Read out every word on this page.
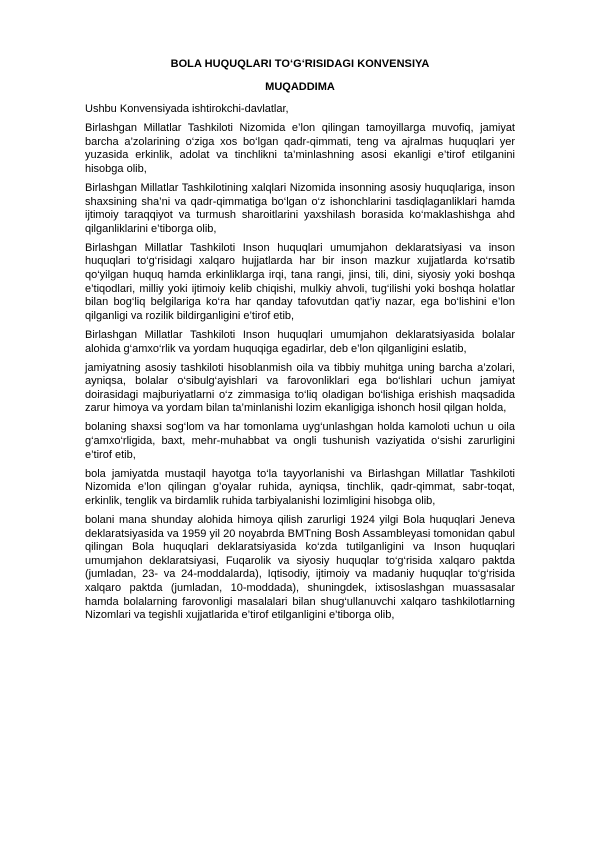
BOLA HUQUQLARI TO‘G‘RISIDAGI KONVENSIYA
MUQADDIMA

Ushbu Konvensiyada ishtirokchi-davlatlar,

Birlashgan Millatlar Tashkiloti Nizomida e’lon qilingan tamoyillarga muvofiq, jamiyat barcha a’zolarining o‘ziga xos bo‘lgan qadr-qimmati, teng va ajralmas huquqlari yer yuzasida erkinlik, adolat va tinchlikni ta’minlashning asosi ekanligi e’tirof etilganini hisobga olib,

Birlashgan Millatlar Tashkilotining xalqlari Nizomida insonning asosiy huquqlariga, inson shaxsining sha’ni va qadr-qimmatiga bo‘lgan o‘z ishonchlarini tasdiqlaganliklari hamda ijtimoiy taraqqiyot va turmush sharoitlarini yaxshilash borasida ko‘maklashishga ahd qilganliklarini e’tiborga olib,

Birlashgan Millatlar Tashkiloti Inson huquqlari umumjahon deklaratsiyasi va inson huquqlari to‘g‘risidagi xalqaro hujjatlarda har bir inson mazkur xujjatlarda ko‘rsatib qo‘yilgan huquq hamda erkinliklarga irqi, tana rangi, jinsi, tili, dini, siyosiy yoki boshqa e’tiqodlari, milliy yoki ijtimoiy kelib chiqishi, mulkiy ahvoli, tug‘ilishi yoki boshqa holatlar bilan bog‘liq belgilariga ko‘ra har qanday tafovutdan qat’iy nazar, ega bo‘lishini e’lon qilganligi va rozilik bildirganligini e’tirof etib,

Birlashgan Millatlar Tashkiloti Inson huquqlari umumjahon deklaratsiyasida bolalar alohida g‘amxo‘rlik va yordam huquqiga egadirlar, deb e’lon qilganligini eslatib,

jamiyatning asosiy tashkiloti hisoblanmish oila va tibbiy muhitga uning barcha a’zolari, ayniqsa, bolalar o‘sibulg‘ayishlari va farovonliklari ega bo‘lishlari uchun jamiyat doirasidagi majburiyatlarni o‘z zimmasiga to‘liq oladigan bo‘lishiga erishish maqsadida zarur himoya va yordam bilan ta’minlanishi lozim ekanligiga ishonch hosil qilgan holda,

bolaning shaxsi sog‘lom va har tomonlama uyg‘unlashgan holda kamoloti uchun u oila g‘amxo‘rligida, baxt, mehr-muhabbat va ongli tushunish vaziyatida o‘sishi zarurligini e’tirof etib,

bola jamiyatda mustaqil hayotga to‘la tayyorlanishi va Birlashgan Millatlar Tashkiloti Nizomida e’lon qilingan g’oyalar ruhida, ayniqsa, tinchlik, qadr-qimmat, sabr-toqat, erkinlik, tenglik va birdamlik ruhida tarbiyalanishi lozimligini hisobga olib,

bolani mana shunday alohida himoya qilish zarurligi 1924 yilgi Bola huquqlari Jeneva deklaratsiyasida va 1959 yil 20 noyabrda BMTning Bosh Assambleyasi tomonidan qabul qilingan Bola huquqlari deklaratsiyasida ko‘zda tutilganligini va Inson huquqlari umumjahon deklaratsiyasi, Fuqarolik va siyosiy huquqlar to‘g‘risida xalqaro paktda (jumladan, 23- va 24-moddalarda), Iqtisodiy, ijtimoiy va madaniy huquqlar to‘g‘risida xalqaro paktda (jumladan, 10-moddada), shuningdek, ixtisoslashgan muassasalar hamda bolalarning farovonligi masalalari bilan shug‘ullanuvchi xalqaro tashkilotlarning Nizomlari va tegishli xujjatlarida e’tirof etilganligini e’tiborga olib,
